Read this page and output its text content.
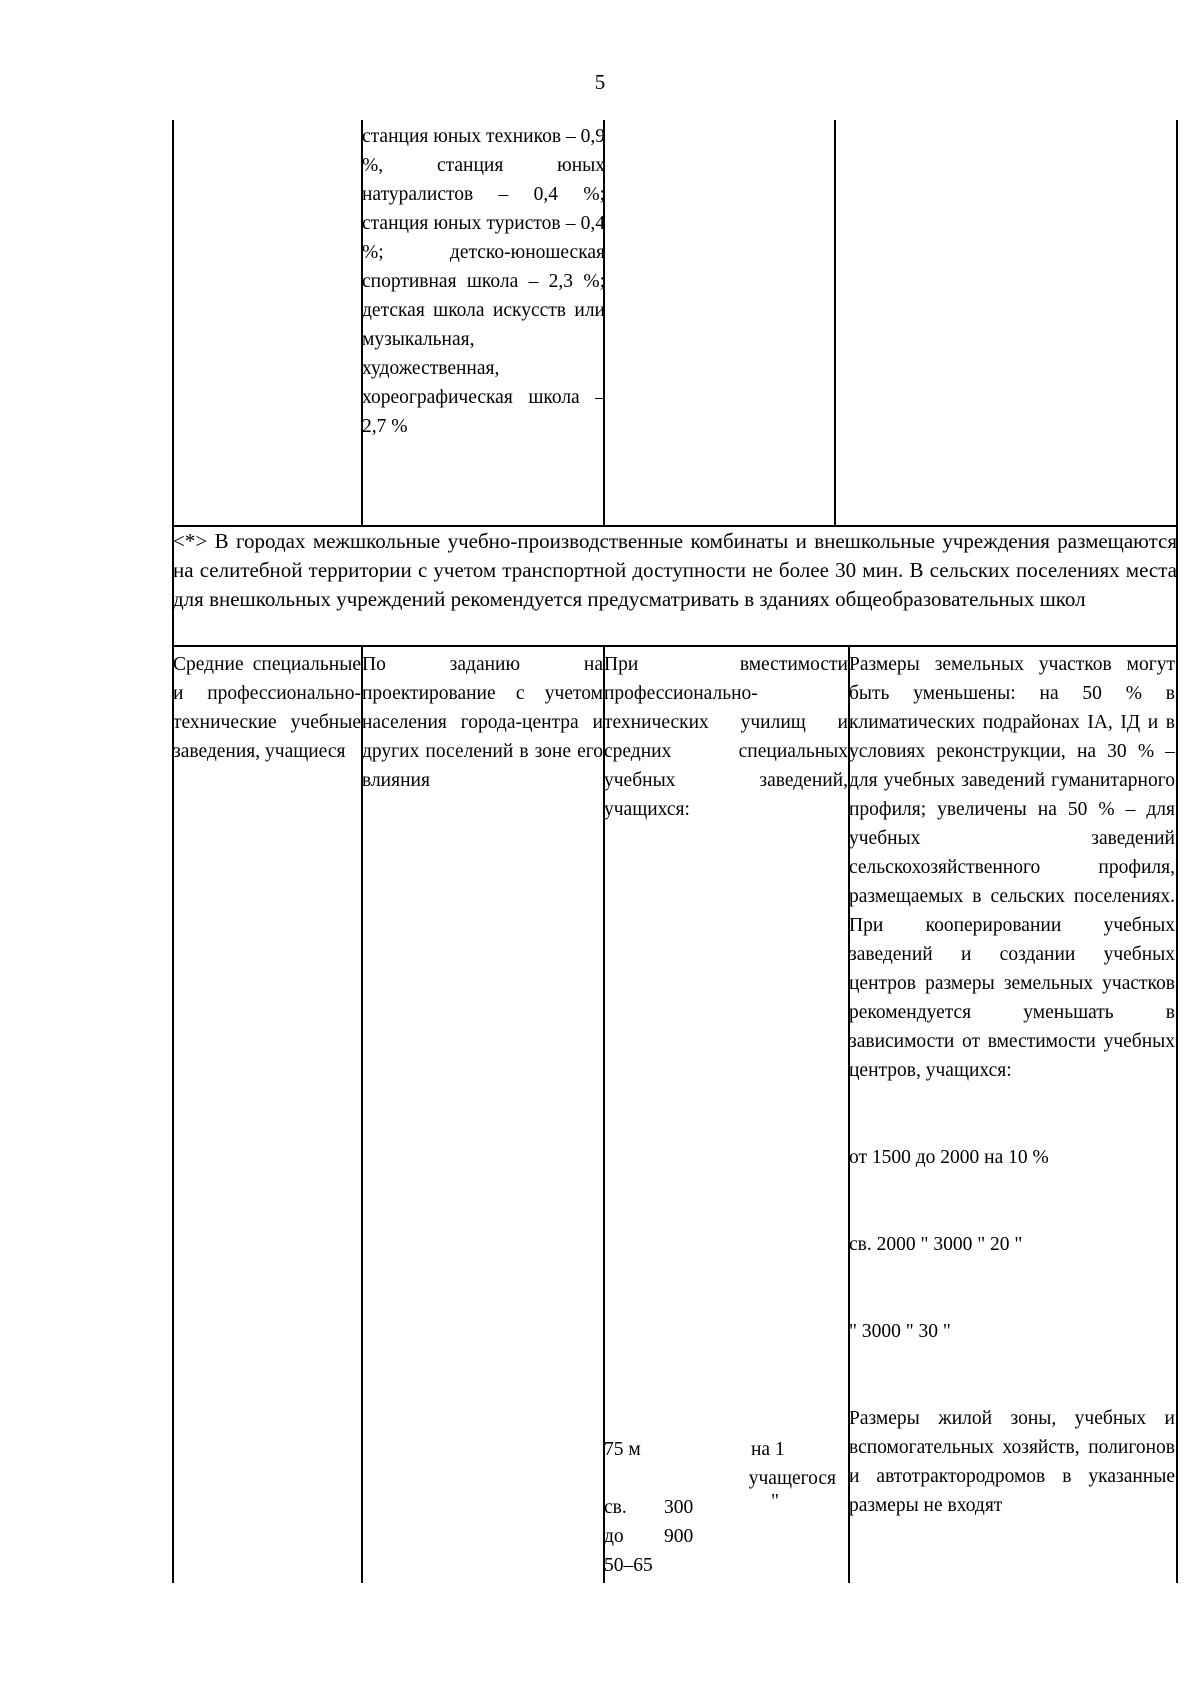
5
станция юных техников – 0,9 %, станция юных натуралистов – 0,4 %; станция юных туристов – 0,4 %; детско-юношеская спортивная школа – 2,3 %; детская школа искусств или музыкальная, художественная, хореографическая школа – 2,7 %
<*> В городах межшкольные учебно-производственные комбинаты и внешкольные учреждения размещаются на селитебной территории с учетом транспортной доступности не более 30 мин. В сельских поселениях места для внешкольных учреждений рекомендуется предусматривать в зданиях общеобразовательных школ
Средние специальные и профессионально-технические учебные заведения, учащиеся
По заданию на проектирование с учетом населения города-центра и других поселений в зоне его влияния
При вместимости профессионально-технических училищ и средних специальных учебных заведений, учащихся:
75 м	на 1
учащегося
св. 300	"
до 900
50–65
Размеры земельных участков могут быть уменьшены: на 50 % в климатических подрайонах IА, IД и в условиях реконструкции, на 30 % – для учебных заведений гуманитарного профиля; увеличены на 50 % – для учебных заведений сельскохозяйственного профиля, размещаемых в сельских поселениях. При кооперировании учебных заведений и создании учебных центров размеры земельных участков рекомендуется уменьшать в зависимости от вместимости учебных центров, учащихся:

от 1500 до 2000 на 10 %

св. 2000 " 3000 " 20 "

" 3000 " 30 "

Размеры жилой зоны, учебных и вспомогательных хозяйств, полигонов и автотрактородромов в указанные размеры не входят
